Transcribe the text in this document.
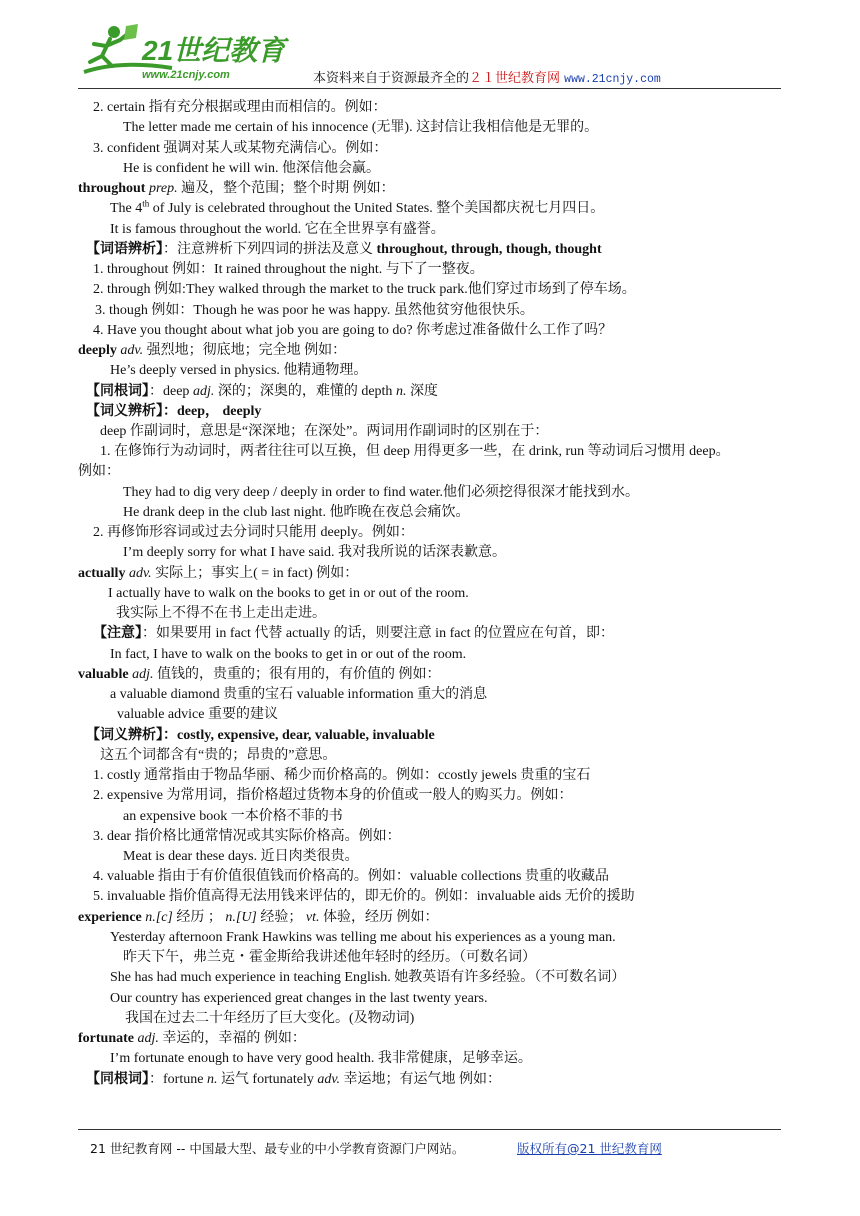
21世纪教育
www.21cnjy.com	本资料来自于资源最齐全的２１世纪教育网 www.21cnjy.com
2. certain 指有充分根据或理由而相信的。例如：
The letter made me certain of his innocence (无罪). 这封信让我相信他是无罪的。
3. confident 强调对某人或某物充满信心。例如：
He is confident he will win. 他深信他会赢。
throughout prep. 遍及，整个范围；整个时期 例如：
The 4th of July is celebrated throughout the United States. 整个美国都庆祝七月四日。
It is famous throughout the world. 它在全世界享有盛誉。
【词语辨析】：注意辨析下列四词的拼法及意义 throughout, through, though, thought
1. throughout 例如：It rained throughout the night. 与下了一整夜。
2. through 例如:They walked through the market to the truck park.他们穿过市场到了停车场。
3. though 例如：Though he was poor he was happy. 虽然他贫穷他很快乐。
4. Have you thought about what job you are going to do? 你考虑过准备做什么工作了吗？
deeply adv. 强烈地；彻底地；完全地 例如：
He’s deeply versed in physics. 他精通物理。
【同根词】：deep adj. 深的；深奥的，难懂的 depth n. 深度
【词义辨析】：deep， deeply
deep 作副词时，意思是“深深地；在深处”。两词用作副词时的区别在于：
1. 在修饰行为动词时，两者往往可以互换，但 deep 用得更多一些，在 drink, run 等动词后习惯用 deep。
例如：
They had to dig very deep / deeply in order to find water.他们必须挖得很深才能找到水。
He drank deep in the club last night. 他昨晚在夜总会痛饮。
2. 再修饰形容词或过去分词时只能用 deeply。例如：
I’m deeply sorry for what I have said. 我对我所说的话深表歉意。
actually adv. 实际上；事实上( = in fact) 例如：
I actually have to walk on the books to get in or out of the room.
我实际上不得不在书上走出走进。
【注意】：如果要用 in fact 代替 actually 的话，则要注意 in fact 的位置应在句首，即：
In fact, I have to walk on the books to get in or out of the room.
valuable adj. 值钱的，贵重的；很有用的，有价值的 例如：
a valuable diamond 贵重的宝石 valuable information 重大的消息
valuable advice 重要的建议
【词义辨析】：costly, expensive, dear, valuable, invaluable
这五个词都含有“贵的；昂贵的”意思。
1. costly 通常指由于物品华丽、稀少而价格高的。例如：ccostly jewels 贵重的宝石
2. expensive 为常用词，指价格超过货物本身的价值或一般人的购买力。例如：
an expensive book 一本价格不菲的书
3. dear 指价格比通常情况或其实际价格高。例如：
Meat is dear these days. 近日肉类很贵。
4. valuable 指由于有价值很值钱而价格高的。例如：valuable collections 贵重的收藏品
5. invaluable 指价值高得无法用钱来评估的，即无价的。例如：invaluable aids 无价的援助
experience n.[c] 经历 ； n.[U] 经验； vt. 体验，经历 例如：
Yesterday afternoon Frank Hawkins was telling me about his experiences as a young man.
昨天下午，弗兰克・霍金斯给我讲述他年轻时的经历。（可数名词）
She has had much experience in teaching English. 她教英语有许多经验。（不可数名词）
Our country has experienced great changes in the last twenty years.
我国在过去二十年经历了巨大变化。(及物动词)
fortunate adj. 幸运的，幸福的 例如：
I’m fortunate enough to have very good health. 我非常健康，足够幸运。
【同根词】：fortune n. 运气 fortunately adv. 幸运地；有运气地 例如：
21 世纪教育网 -- 中国最大型、最专业的中小学教育资源门户网站。	版权所有@21 世纪教育网
